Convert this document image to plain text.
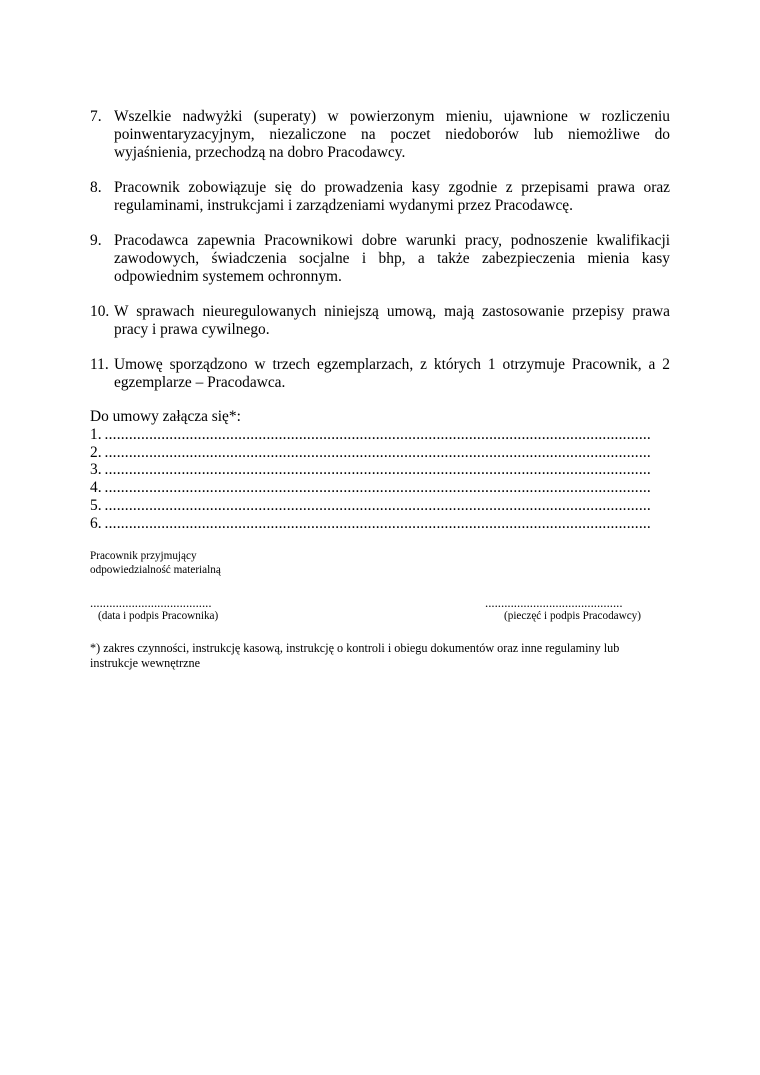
7. Wszelkie nadwyżki (superaty) w powierzonym mieniu, ujawnione w rozliczeniu poinwentaryzacyjnym, niezaliczone na poczet niedoborów lub niemożliwe do wyjaśnienia, przechodzą na dobro Pracodawcy.
8. Pracownik zobowiązuje się do prowadzenia kasy zgodnie z przepisami prawa oraz regulaminami, instrukcjami i zarządzeniami wydanymi przez Pracodawcę.
9. Pracodawca zapewnia Pracownikowi dobre warunki pracy, podnoszenie kwalifikacji zawodowych, świadczenia socjalne i bhp, a także zabezpieczenia mienia kasy odpowiednim systemem ochronnym.
10. W sprawach nieuregulowanych niniejszą umową, mają zastosowanie przepisy prawa pracy i prawa cywilnego.
11. Umowę sporządzono w trzech egzemplarzach, z których 1 otrzymuje Pracownik, a 2 egzemplarze – Pracodawca.
Do umowy załącza się*:
1. .......................................................................................................................................
2. .......................................................................................................................................
3. .......................................................................................................................................
4. .......................................................................................................................................
5. .......................................................................................................................................
6. .......................................................................................................................................
Pracownik przyjmujący
odpowiedzialność materialną
......................................
(data i podpis Pracownika)
...........................................
(pieczęć i podpis Pracodawcy)
*) zakres czynności, instrukcję kasową, instrukcję o kontroli i obiegu dokumentów oraz inne regulaminy lub instrukcje wewnętrzne
